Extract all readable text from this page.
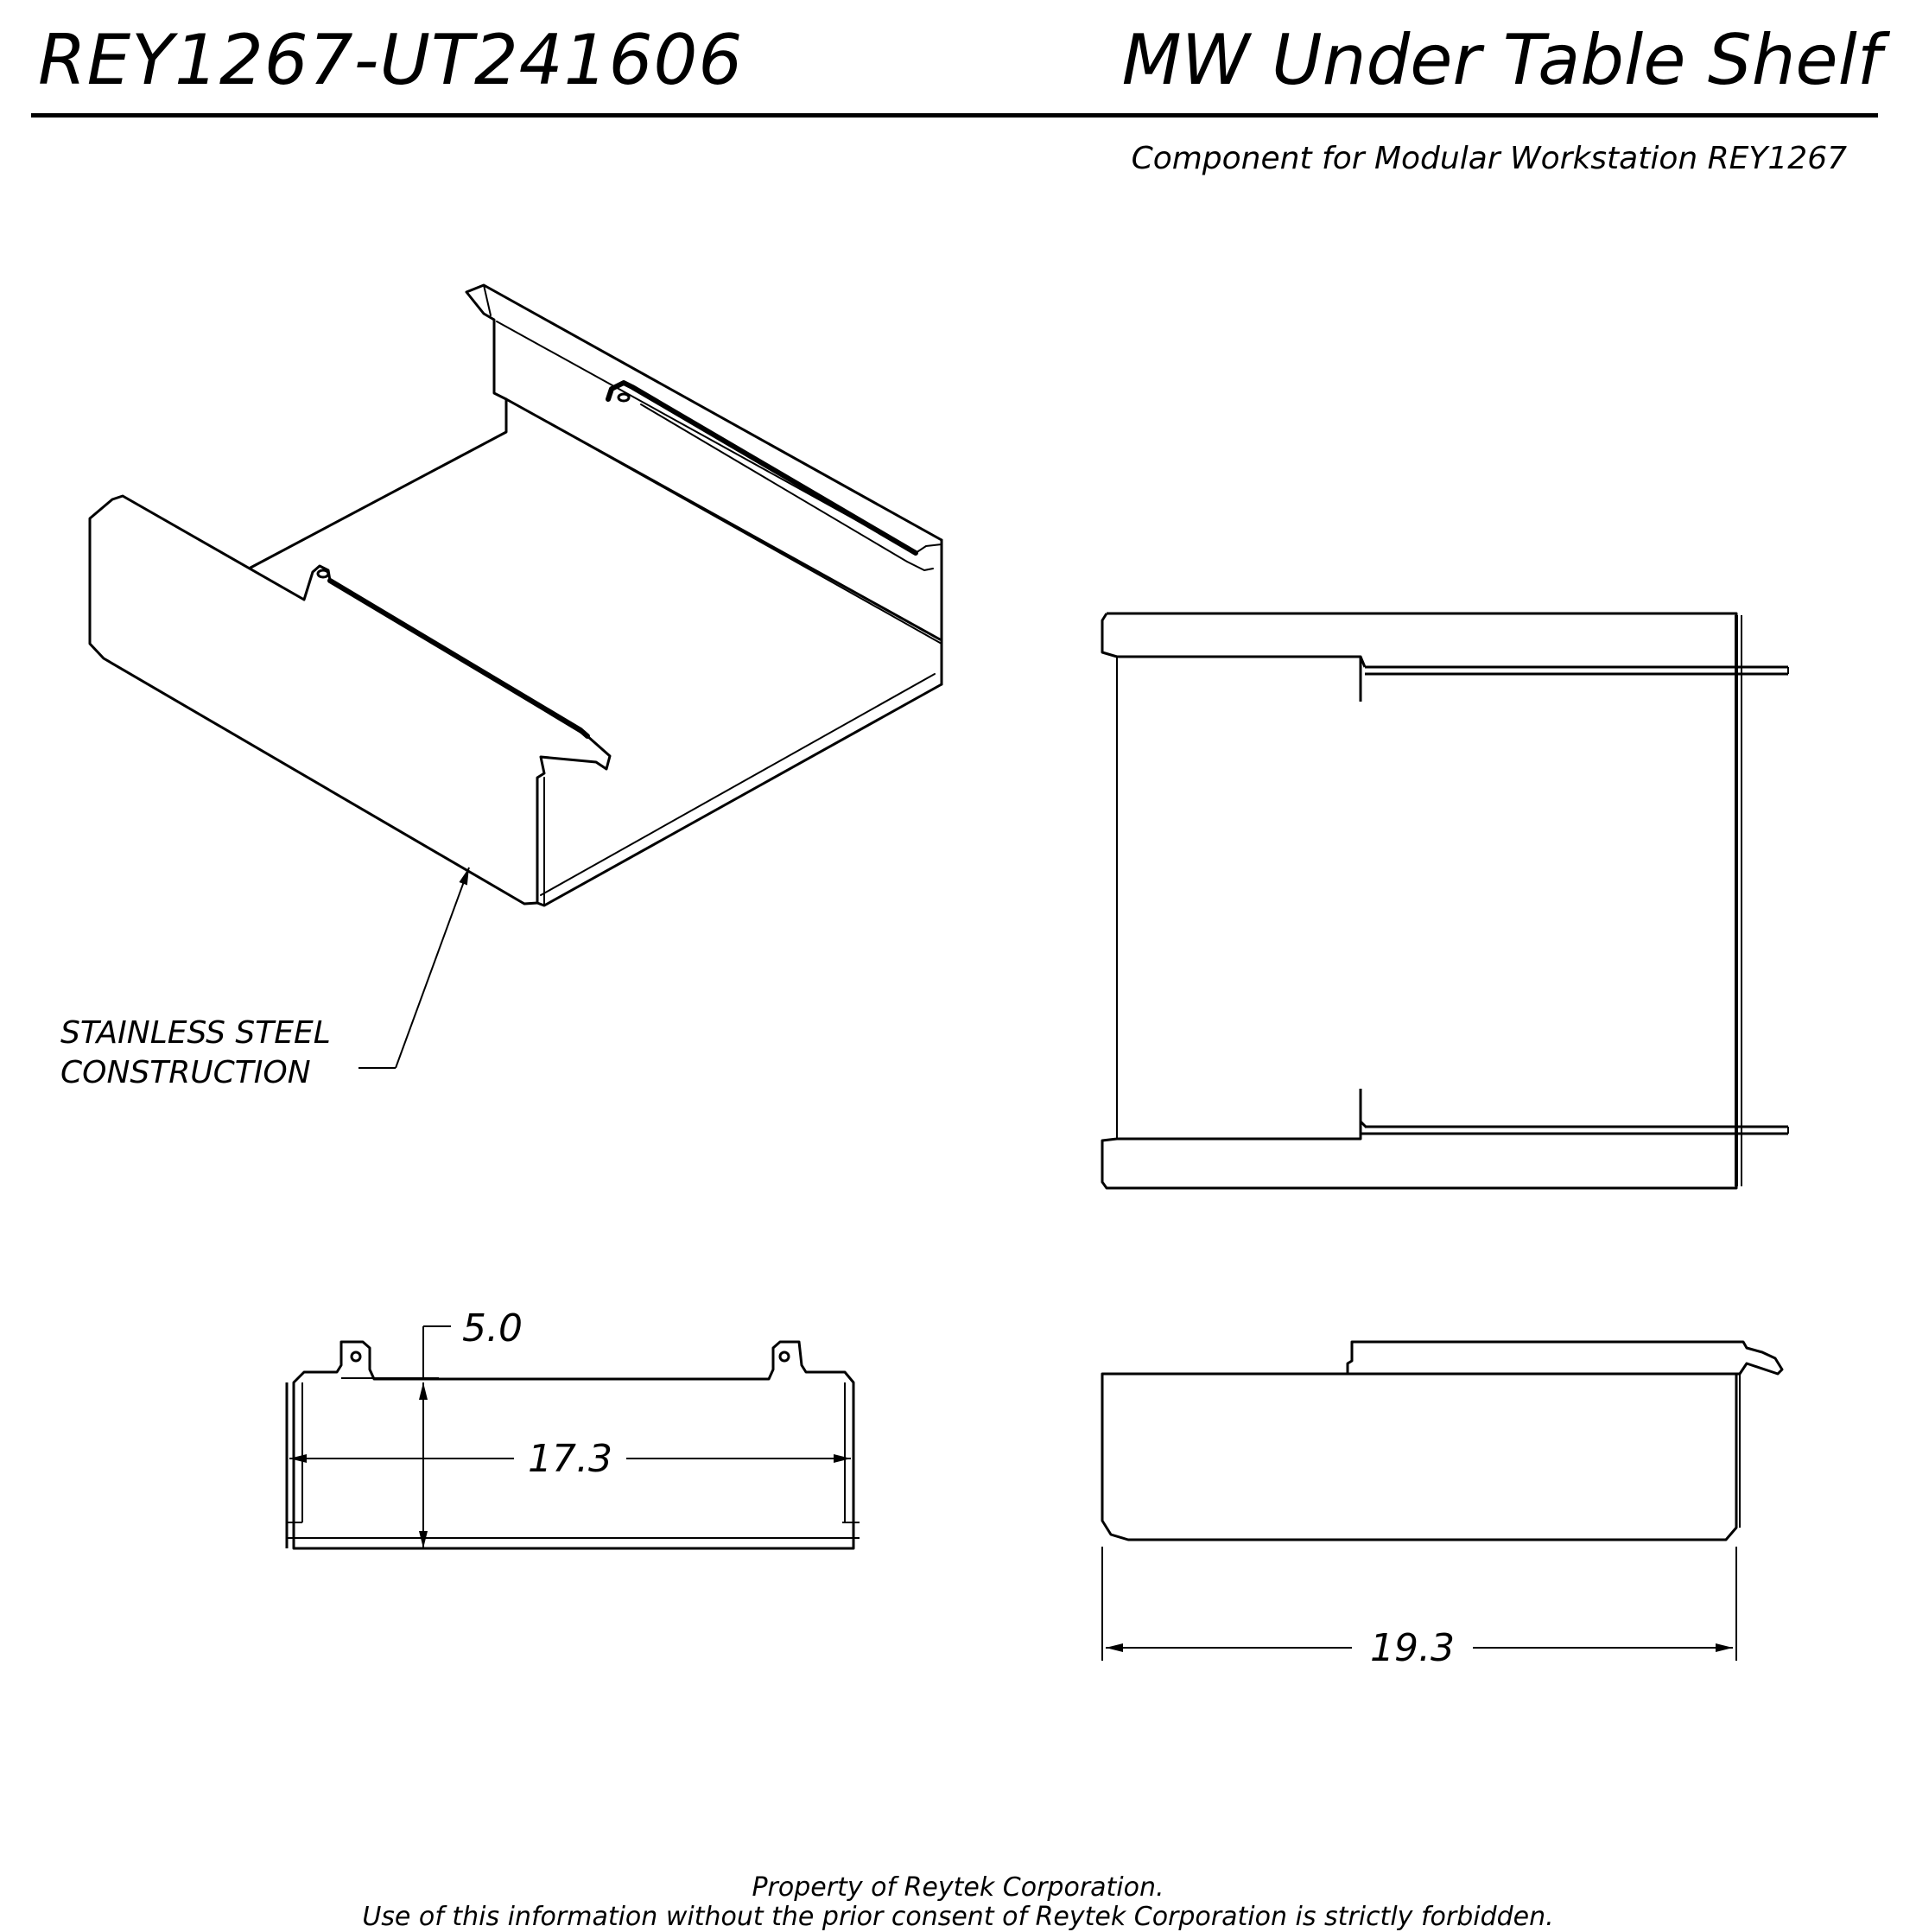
REY1267-UT241606	MW Under Table Shelf
Component for Modular Workstation REY1267
STAINLESS STEEL
CONSTRUCTION
5.0
17.3
19.3
Property of Reytek Corporation.
Use of this information without the prior consent of Reytek Corporation is strictly forbidden.
